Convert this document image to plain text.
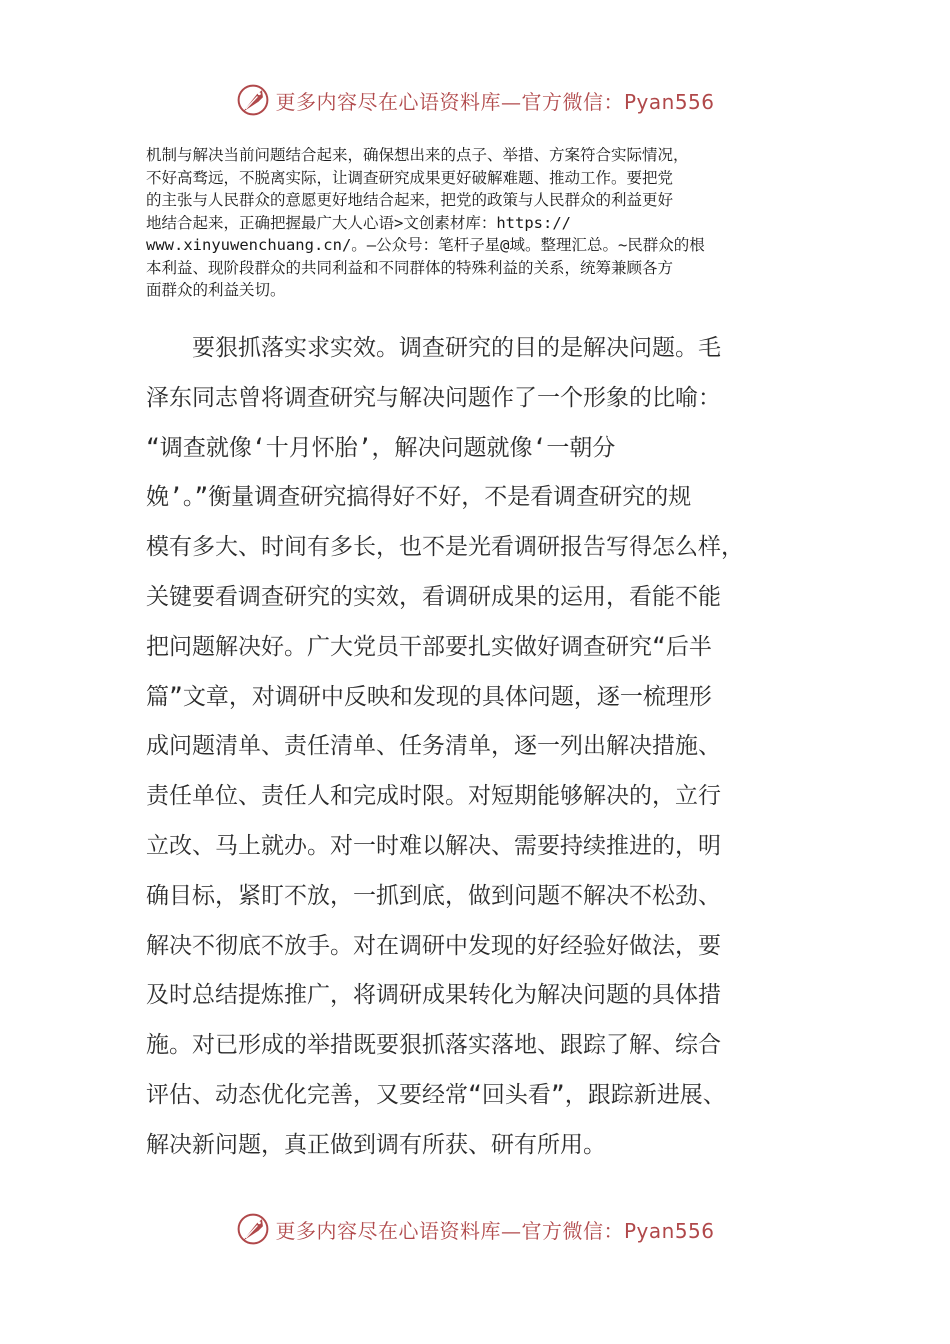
更多内容尽在心语资料库—官方微信：Pyan556

机制与解决当前问题结合起来，确保想出来的点子、举措、方案符合实际情况，

不好高骛远，不脱离实际，让调查研究成果更好破解难题、推动工作。要把党

的主张与人民群众的意愿更好地结合起来，把党的政策与人民群众的利益更好

地结合起来，正确把握最广大人心语>文创素材库：https://

www.xinyuwenchuang.cn/。—公众号：笔杆子星@域。整理汇总。~民群众的根

本利益、现阶段群众的共同利益和不同群体的特殊利益的关系，统筹兼顾各方

面群众的利益关切。

　　要狠抓落实求实效。调查研究的目的是解决问题。毛

泽东同志曾将调查研究与解决问题作了一个形象的比喻：

“调查就像‘十月怀胎’，解决问题就像‘一朝分

娩’。”衡量调查研究搞得好不好，不是看调查研究的规

模有多大、时间有多长，也不是光看调研报告写得怎么样，

关键要看调查研究的实效，看调研成果的运用，看能不能

把问题解决好。广大党员干部要扎实做好调查研究“后半

篇”文章，对调研中反映和发现的具体问题，逐一梳理形

成问题清单、责任清单、任务清单，逐一列出解决措施、

责任单位、责任人和完成时限。对短期能够解决的，立行

立改、马上就办。对一时难以解决、需要持续推进的，明

确目标，紧盯不放，一抓到底，做到问题不解决不松劲、

解决不彻底不放手。对在调研中发现的好经验好做法，要

及时总结提炼推广，将调研成果转化为解决问题的具体措

施。对已形成的举措既要狠抓落实落地、跟踪了解、综合

评估、动态优化完善，又要经常“回头看”，跟踪新进展、

解决新问题，真正做到调有所获、研有所用。

更多内容尽在心语资料库—官方微信：Pyan556
